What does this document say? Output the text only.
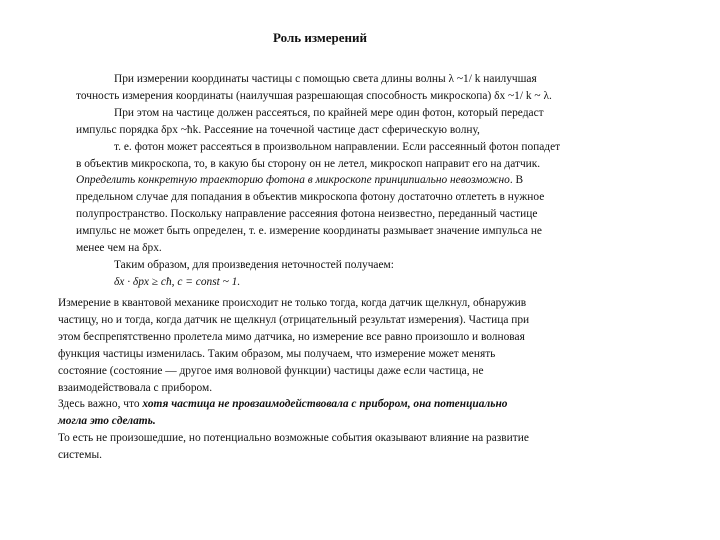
Роль измерений
При измерении координаты частицы с помощью света длины волны λ ~1/ k наилучшая
точность измерения координаты (наилучшая разрешающая способность микроскопа) δx ~1/ k ~ λ.
При этом на частице должен рассеяться, по крайней мере один фотон, который передаст
импульс порядка δpx ~ħk. Рассеяние на точечной частице даст сферическую волну,
т. е. фотон может рассеяться в произвольном направлении. Если рассеянный фотон попадет
в объектив микроскопа, то, в какую бы сторону он не летел, микроскоп направит его на датчик.
Определить конкретную траекторию фотона в микроскопе принципиально невозможно. В
предельном случае для попадания в объектив микроскопа фотону достаточно отлететь в нужное
полупространство. Поскольку направление рассеяния фотона неизвестно, переданный частице
импульс не может быть определен, т. е. измерение координаты размывает значение импульса не
менее чем на δpx.
Таким образом, для произведения неточностей получаем:
δx · δpx ≥ cħ, c = const ~ 1.
Измерение в квантовой механике происходит не только тогда, когда датчик щелкнул, обнаружив
частицу, но и тогда, когда датчик не щелкнул (отрицательный результат измерения). Частица при
этом беспрепятственно пролетела мимо датчика, но измерение все равно произошло и волновая
функция частицы изменилась. Таким образом, мы получаем, что измерение может менять
состояние (состояние — другое имя волновой функции) частицы даже если частица, не
взаимодействовала с прибором.
Здесь важно, что хотя частица не провзаимодействовала с прибором, она потенциально
могла это сделать.
То есть не произошедшие, но потенциально возможные события оказывают влияние на развитие
системы.
